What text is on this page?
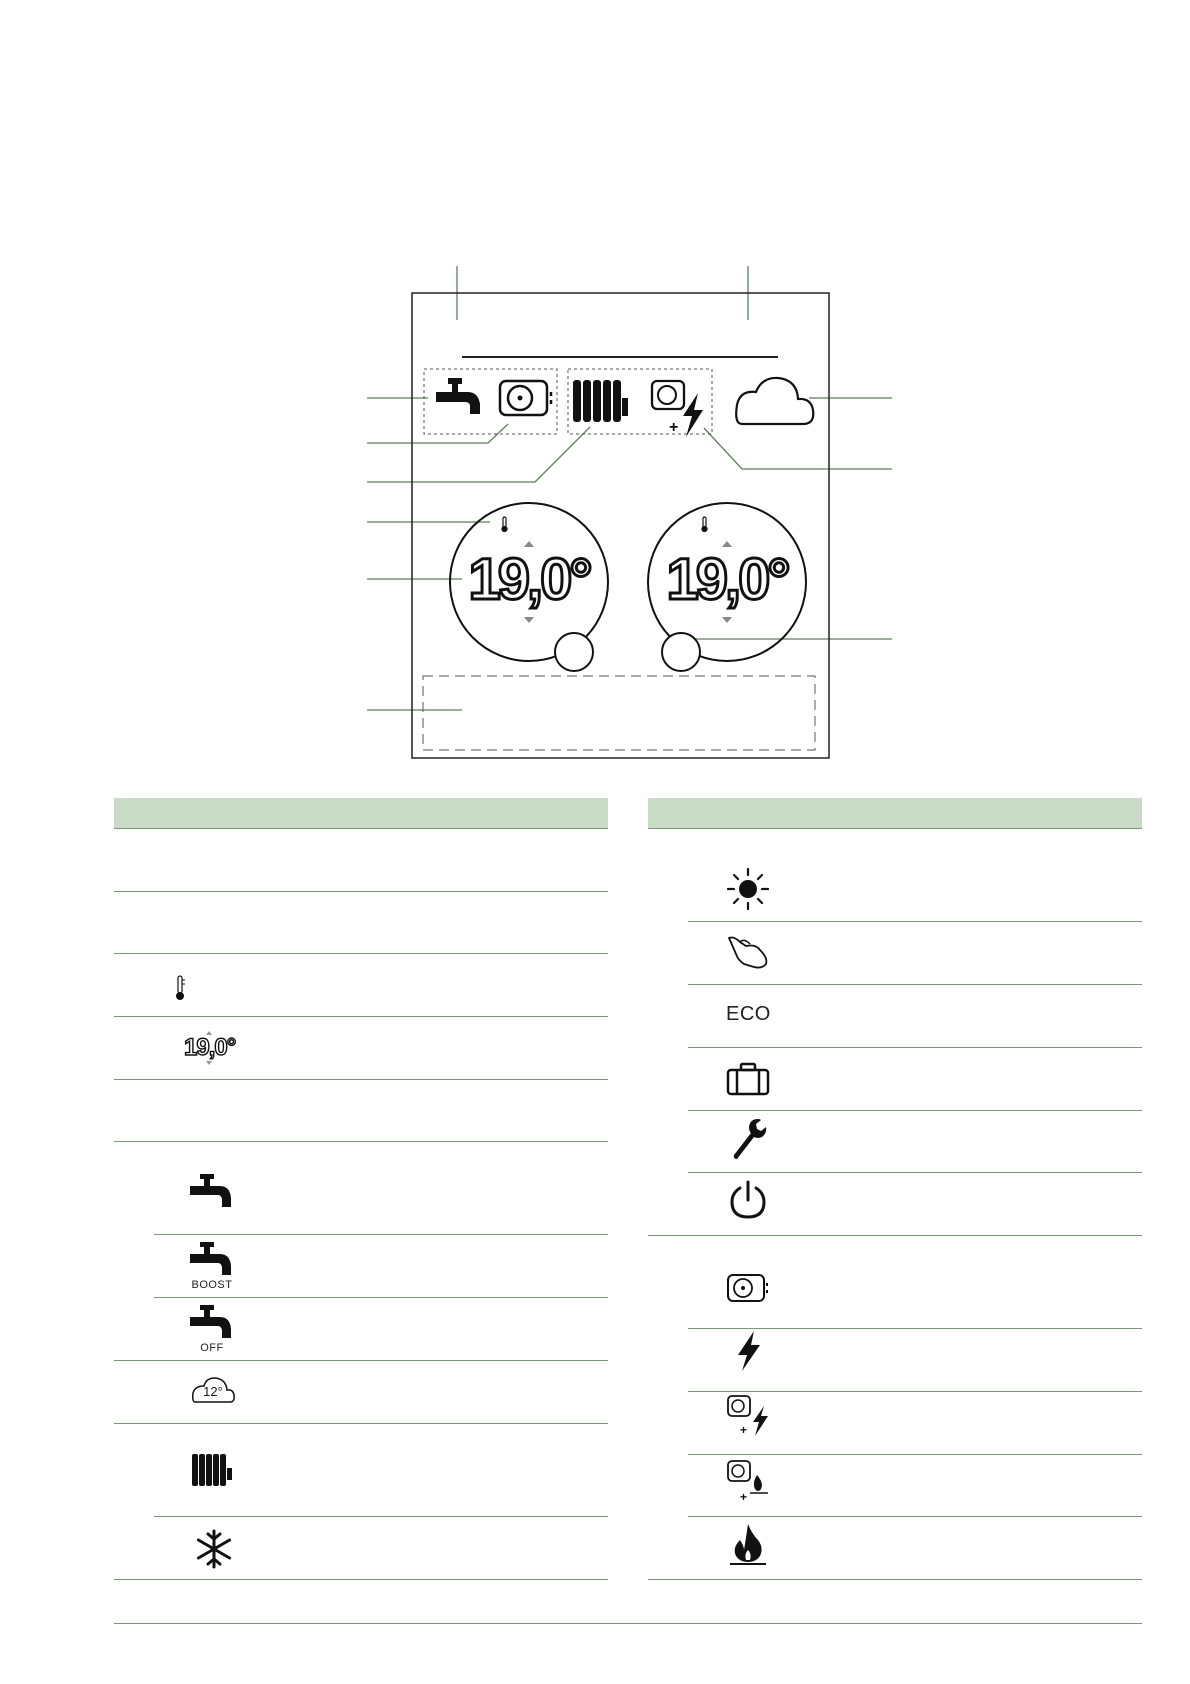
+
19,0° 19,0°
19,0°
BOOST
OFF
12°
ECO
+
+
